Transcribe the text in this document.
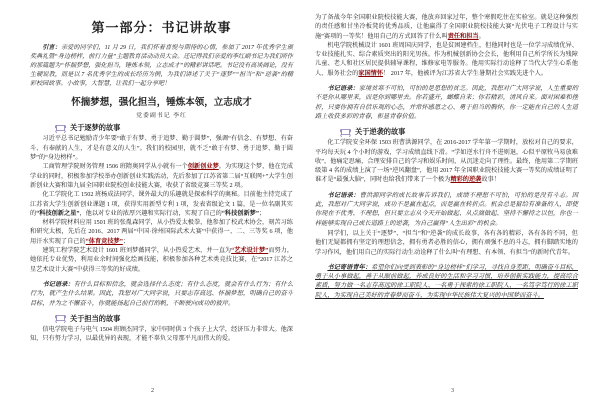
第一部分：书记讲故事

引言：亲爱的同学们，11 月 29 日，我们怀着喜悦与期待的心情，参加了 2017 年优秀学生颁奖典礼暨“身边榜样，前行力量”主题教育活动动员大会。还记得我们亲爱的李红副书记为我们所作的那篇题为“怀揣梦想，强化担当，锤炼本领，立志成才”的精彩讲话吧。书记没有高谈阔论，没有生硬说教，而是以 7 名优秀学生的成长经历为例，为我们讲述了关于“逐梦”“担当”和“逆袭”的精彩校园故事。小故事，大智慧，让我们一起分享吧！

怀揣梦想，强化担当，锤炼本领，立志成才
党委副书记 李红
关于逐梦的故事

习近平总书记勉励青少年要“敢于有梦、勇于追梦、勤于圆梦”，强调“有信念、有梦想、有奋斗、有奉献的人生，才是有意义的人生”。我们的校园里，就不乏“敢于有梦、勇于追梦、勤于圆梦”的“身边榜样”。

工商管理学院财务管理 1506 班隋奥同学从小就有一个创新创业梦。为实现这个梦，他在完成学业的同时，积极参加学校举办创新创业实践活动，先后参加了江苏省第二届“互联网+”大学生创新创业大赛和第九届全国职业院校创业技能大赛，收获了省级竞赛三等奖 2 项。

化工学院化工 1502 班杨成法同学，课外最大的乐趣就是探索科学的奥秘。目前他主持完成了江苏省大学生创新创业课题 1 项，获得实用新型专利 1 项，发表省级论文 1 篇，是一位名副其实的“科技创新之星”，他以对专业的浓厚兴趣和实际行动，实现了自己的“科技创新梦”；

材料学院材料应用 1501 班的张胤森同学，从小热爱太极拳，他参加了校武术协会，刻苦习练和研究太极，先后在 2016、2017 两届“中国·徐州国际武术大赛”中获得一、二、三等奖 6 项，他用汗水实现了自己的“体育竞技梦”；

建筑工程学院艺术设计 1601 班刘梦薇同学，从小热爱艺术，并一直为“艺术设计梦”而努力，她依托专业优势，利用业余时间强化绘画技能，积极参加各种艺术类竞技比赛，在“2017 江苏之星艺术设计大赛”中获得三等奖的好成绩。

书记语录：有什么目标和信念，就会选择什么态度；有什么态度，就会有什么行为；有什么行为，就产生什么结果。因此，我想对广大同学说，只要志存高远、怀揣梦想，明确自己的奋斗目标，并为之不懈奋斗，你就能扬起自己前行的帆，不断驶向成功的彼岸。

关于担当的故事

信电学院电子与电气 1504 班顾杰同学，家中同时供 3 个孩子上大学，经济压力非常大。他深知，只有努力学习，以最优异的表现，才能不辜负父母那平凡而伟大的爱。

2

为了备战今年全国职业院校技能大赛，他放弃回家过年，整个寒假吃住在实验室。就是这种强烈的责任感和甘坐冷板凳的优秀品质，让他赢得了全国职业院校技能大赛“光伏电子工程设计与实施”赛项的一等奖！他用自己的方式回答了什么叫责任和担当。

机电学院机械设计 1601 班周国庆同学，也是贫困建档生，但他同时也是一位学习成绩优异、专业技能扎实、综合素质突出的阳光男孩。作为机械创新协会会长，他利用自己所学所长为残障儿童、老人和社区居民提供辅导课程，维修家电等服务。他用实际行动诠释了当代大学生心系他人、服务社会的家国情怀！ 2017 年，他被评为江苏省大学生暑期社会实践先进个人。

书记语录：家境贫寒不可怕，可怕的是思想的贫乏。因此，我想对广大同学说，人生重要的不是你从哪里来，而是你到哪里去。你若盛开，蝴蝶自来；你若精彩，清风自来。面对困难和挫折，只要你拥有自信乐观的心态，并常怀感恩之心、勇于担当的胸怀，你一定能在自己的人生道路上收获多彩的青春，彰显青春价值。

关于逆袭的故事

化工学院安全环保 1503 班曹洪源同学，在 2016-2017 学年第一学期时，放松对自己的要求，平均每天玩 4 个小时的游戏，学习成绩直线下滑。“学如逆水行舟不进则退，心似平原牧马易放难收”，他痛定思痛，合理安排自己的学习和娱乐时间，从沉迷走向了理性。最终，他用第二学期班级第 4 名的成绩上演了一场“逆风翻盘”，他用 2017 年全国职业院校技能大赛一等奖的成绩证明了谁才是“最强大脑”，同时也给我们带来了一个极为精彩的逆袭故事！

书记语录：曹洪源同学的成长故事告诉我们，成绩不理想不可怕，可怕的是没有斗志。因此，我想对广大同学说，成功不是赢在起点，而是赢在转折点。机会总是留给有准备的人，即使你现在不优秀、不理想，但只要立志从今天开始做起、从点滴做起、坚持不懈持之以恒，你也一样能够实现自己成长道路上的逆袭，为自己赢得“人生出彩”的机会。

同学们，以上关于“逐梦”、“担当”和“逆袭”的成长故事，各有各的精彩，各有各的不同，但他们无疑都拥有坚定的理想信念，拥有勇者必胜的信心，拥有顽强不息的斗志，拥有脚踏实地的学习作风，他们用自己的实际行动生动诠释了什么叫“有理想、有本领、有担当”的新时代青年。

书记寄语青年：希望你们向受到表彰的“身边榜样”们学习，寻找自身差距，明确奋斗目标，勇于从小事做起，善于从眼前做起，养成良好的生活和学习习惯，培养创新实践能力，提高综合素质，努力做一名志存高远的徐工职院人、一名勇于探索的徐工职院人、一名笃学笃行的徐工职院人，为实现自己美好的青春梦而奋斗，为实现中华民族伟大复兴的中国梦而奋斗。

3
